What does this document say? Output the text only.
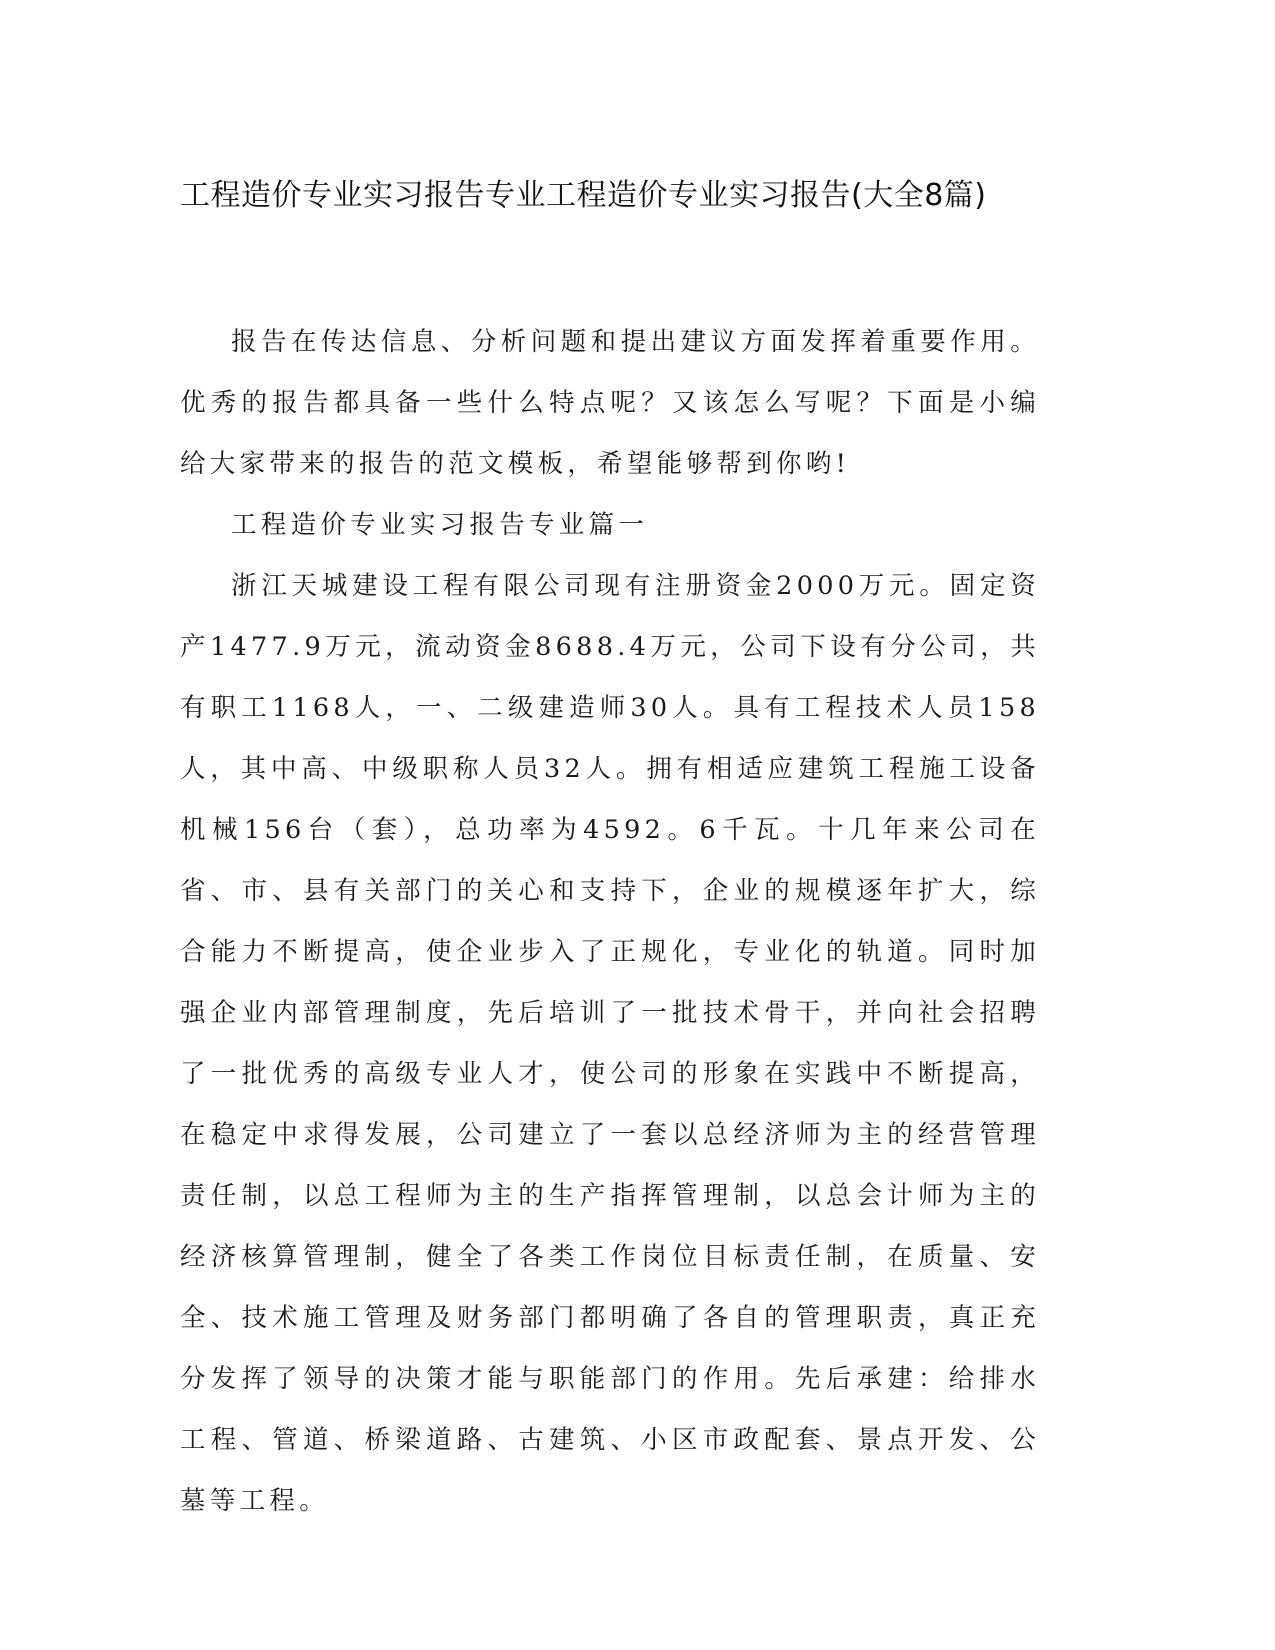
工程造价专业实习报告专业工程造价专业实习报告(大全8篇)

报告在传达信息、分析问题和提出建议方面发挥着重要作用。优秀的报告都具备一些什么特点呢？又该怎么写呢？下面是小编给大家带来的报告的范文模板，希望能够帮到你哟!

工程造价专业实习报告专业篇一

浙江天城建设工程有限公司现有注册资金2000万元。固定资产1477.9万元，流动资金8688.4万元，公司下设有分公司，共有职工1168人，一、二级建造师30人。具有工程技术人员158人，其中高、中级职称人员32人。拥有相适应建筑工程施工设备机械156台（套），总功率为4592。6千瓦。十几年来公司在省、市、县有关部门的关心和支持下，企业的规模逐年扩大，综合能力不断提高，使企业步入了正规化，专业化的轨道。同时加强企业内部管理制度，先后培训了一批技术骨干，并向社会招聘了一批优秀的高级专业人才，使公司的形象在实践中不断提高，在稳定中求得发展，公司建立了一套以总经济师为主的经营管理责任制，以总工程师为主的生产指挥管理制，以总会计师为主的经济核算管理制，健全了各类工作岗位目标责任制，在质量、安全、技术施工管理及财务部门都明确了各自的管理职责，真正充分发挥了领导的决策才能与职能部门的作用。先后承建：给排水工程、管道、桥梁道路、古建筑、小区市政配套、景点开发、公墓等工程。
